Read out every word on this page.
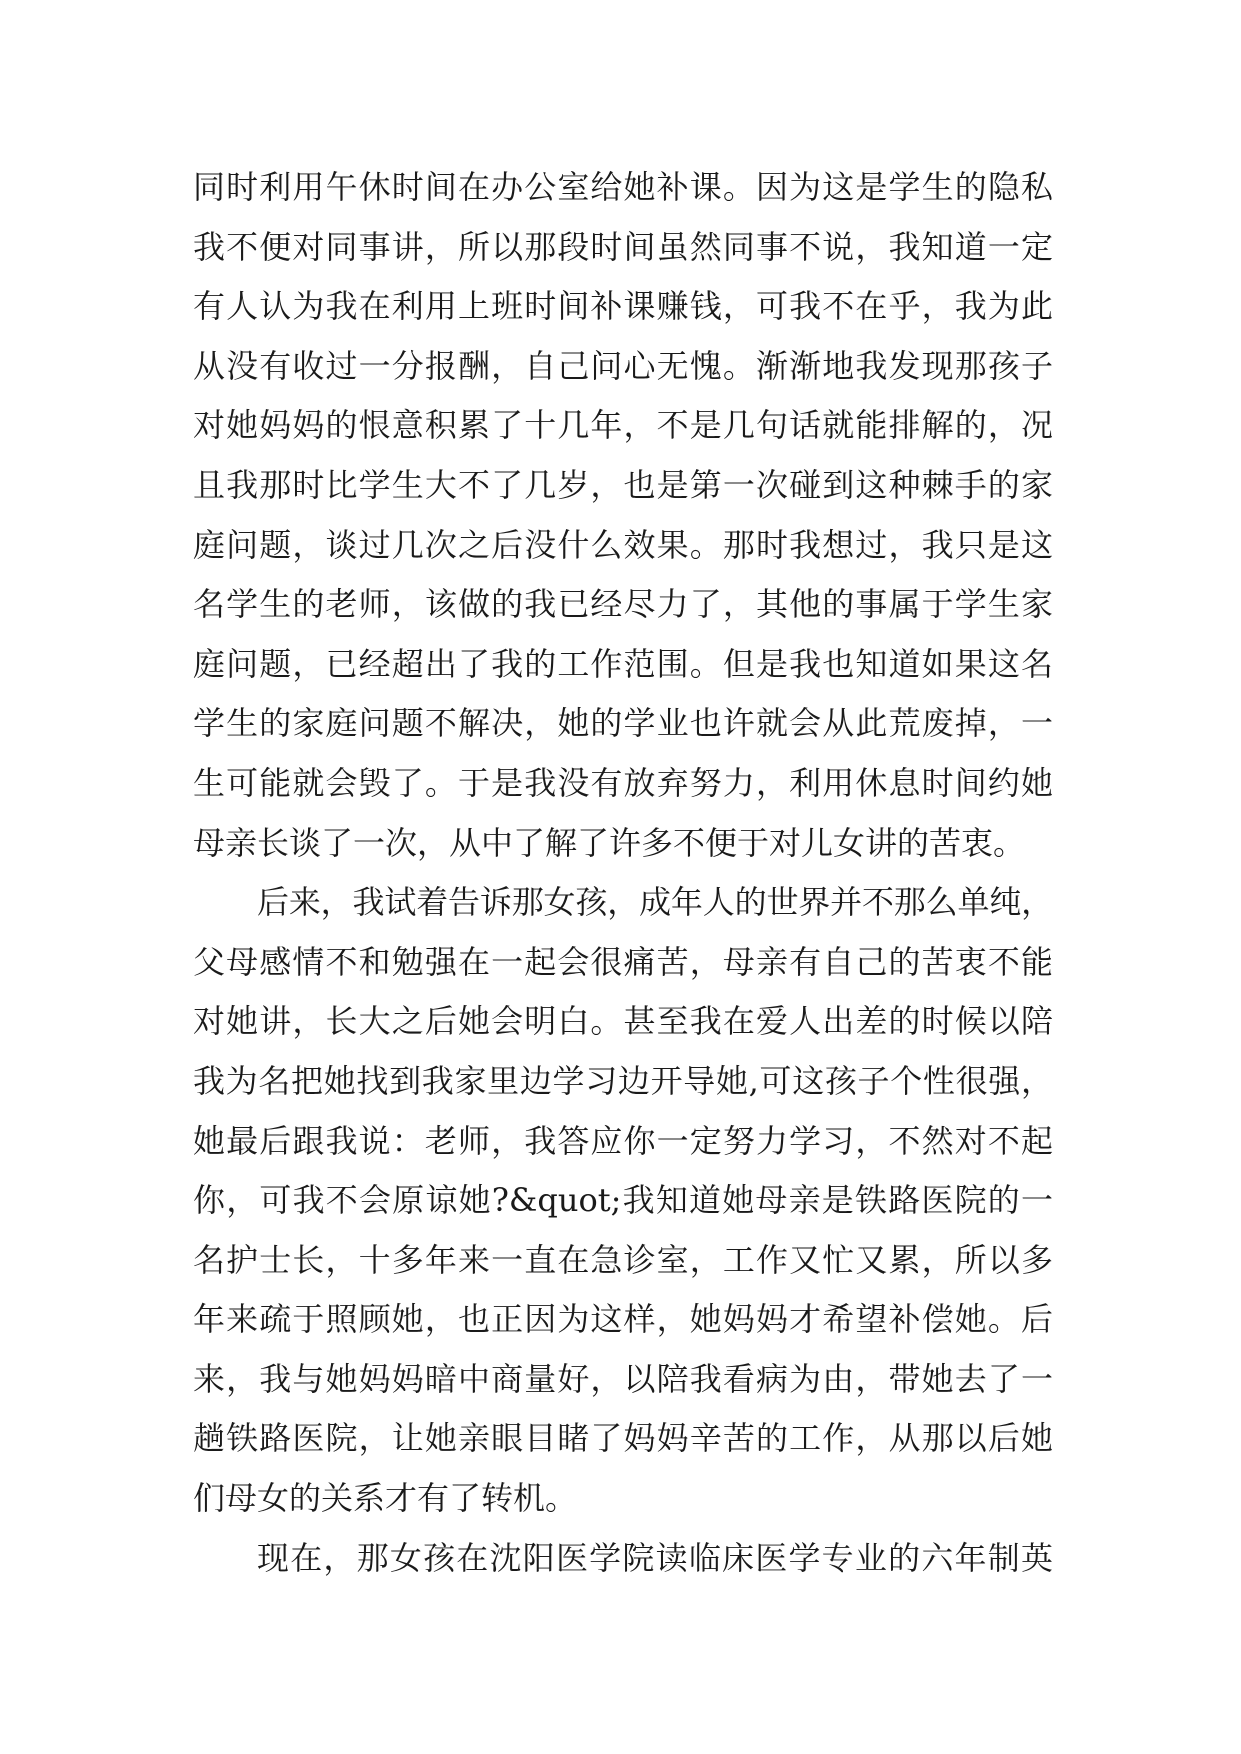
同时利用午休时间在办公室给她补课。因为这是学生的隐私
我不便对同事讲，所以那段时间虽然同事不说，我知道一定
有人认为我在利用上班时间补课赚钱，可我不在乎，我为此
从没有收过一分报酬，自己问心无愧。渐渐地我发现那孩子
对她妈妈的恨意积累了十几年，不是几句话就能排解的，况
且我那时比学生大不了几岁，也是第一次碰到这种棘手的家
庭问题，谈过几次之后没什么效果。那时我想过，我只是这
名学生的老师，该做的我已经尽力了，其他的事属于学生家
庭问题，已经超出了我的工作范围。但是我也知道如果这名
学生的家庭问题不解决，她的学业也许就会从此荒废掉，一
生可能就会毁了。于是我没有放弃努力，利用休息时间约她
母亲长谈了一次，从中了解了许多不便于对儿女讲的苦衷。
后来，我试着告诉那女孩，成年人的世界并不那么单纯，
父母感情不和勉强在一起会很痛苦，母亲有自己的苦衷不能
对她讲，长大之后她会明白。甚至我在爱人出差的时候以陪
我为名把她找到我家里边学习边开导她,可这孩子个性很强，
她最后跟我说：老师，我答应你一定努力学习，不然对不起
你，可我不会原谅她?&quot;我知道她母亲是铁路医院的一
名护士长，十多年来一直在急诊室，工作又忙又累，所以多
年来疏于照顾她，也正因为这样，她妈妈才希望补偿她。后
来，我与她妈妈暗中商量好，以陪我看病为由，带她去了一
趟铁路医院，让她亲眼目睹了妈妈辛苦的工作，从那以后她
们母女的关系才有了转机。
现在，那女孩在沈阳医学院读临床医学专业的六年制英
